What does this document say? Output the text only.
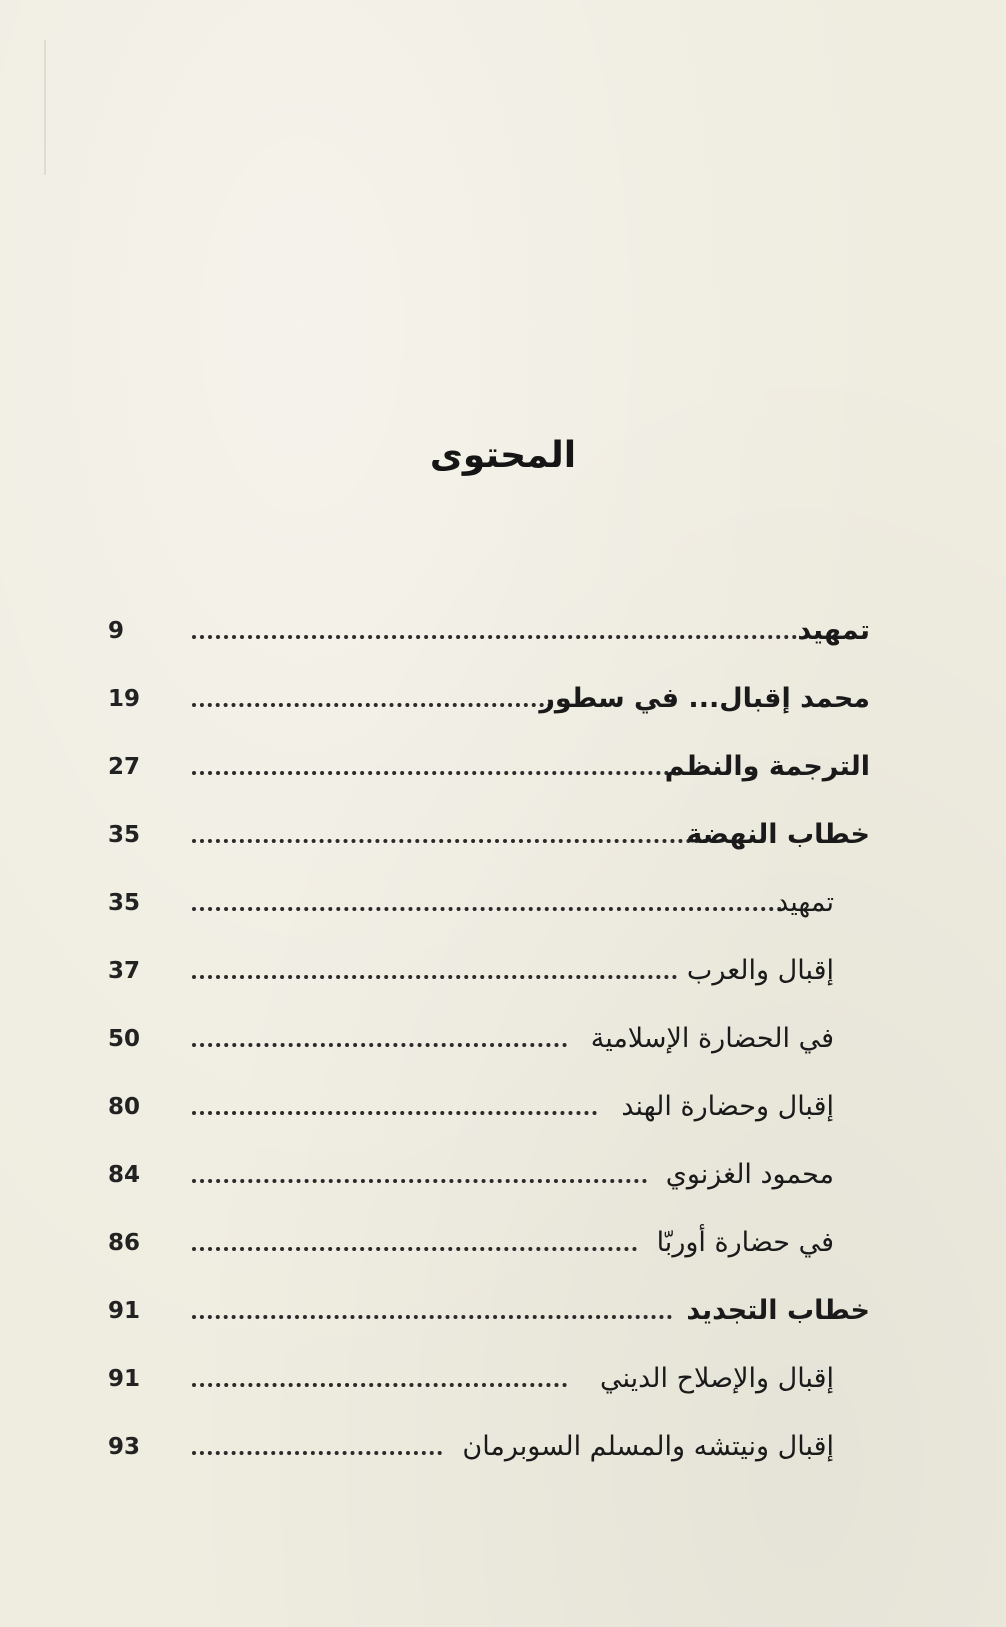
المحتوى
9	تمهيد
19	محمد إقبال... في سطور
27	الترجمة والنظم
35	خطاب النهضة
35	تمهيد
37	إقبال والعرب
50	في الحضارة الإسلامية
80	إقبال وحضارة الهند
84	محمود الغزنوي
86	في حضارة أوربّا
91	خطاب التجديد
91	إقبال والإصلاح الديني
93	إقبال ونيتشه والمسلم السوبرمان
